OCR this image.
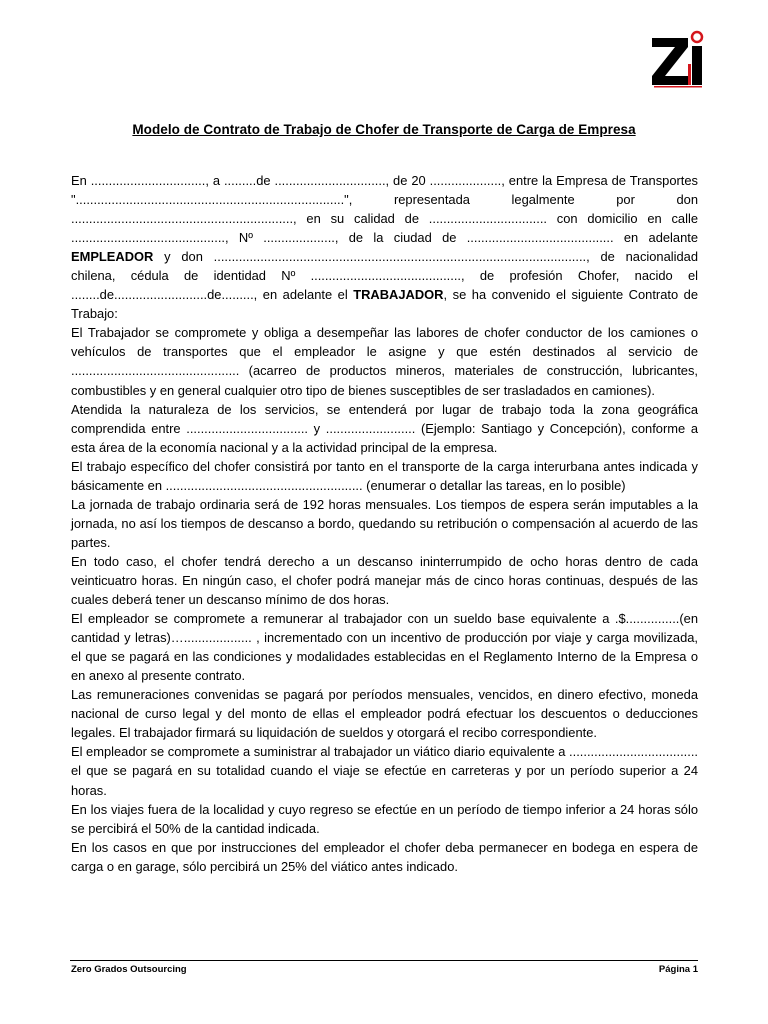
Modelo de Contrato de Trabajo de Chofer de Transporte de Carga de Empresa

En ................................, a .........de ..............................., de 20 ...................., entre la Empresa de Transportes "...........................................................................", representada legalmente por don .............................................................., en su calidad de ................................. con domicilio en calle ..........................................., Nº ...................., de la ciudad de ......................................... en adelante EMPLEADOR y don ........................................................................................................, de nacionalidad chilena, cédula de identidad Nº .........................................., de profesión Chofer, nacido el ........de..........................de........., en adelante el TRABAJADOR, se ha convenido el siguiente Contrato de Trabajo:

El Trabajador se compromete y obliga a desempeñar las labores de chofer conductor de los camiones o vehículos de transportes que el empleador le asigne y que estén destinados al servicio de ............................................... (acarreo de productos mineros, materiales de construcción, lubricantes, combustibles y en general cualquier otro tipo de bienes susceptibles de ser trasladados en camiones).

Atendida la naturaleza de los servicios, se entenderá por lugar de trabajo toda la zona geográfica comprendida entre .................................. y ......................... (Ejemplo: Santiago y Concepción), conforme a esta área de la economía nacional y a la actividad principal de la empresa.

El trabajo específico del chofer consistirá por tanto en el transporte de la carga interurbana antes indicada y básicamente en ....................................................... (enumerar o detallar las tareas, en lo posible)

La jornada de trabajo ordinaria será de 192 horas mensuales. Los tiempos de espera serán imputables a la jornada, no así los tiempos de descanso a bordo, quedando su retribución o compensación al acuerdo de las partes.

En todo caso, el chofer tendrá derecho a un descanso ininterrumpido de ocho horas dentro de cada veinticuatro horas. En ningún caso, el chofer podrá manejar más de cinco horas continuas, después de las cuales deberá tener un descanso mínimo de dos horas.

El empleador se compromete a remunerar al trabajador con un sueldo base equivalente a .$...............(en cantidad y letras)…................... , incrementado con un incentivo de producción por viaje y carga movilizada, el que se pagará en las condiciones y modalidades establecidas en el Reglamento Interno de la Empresa o en anexo al presente contrato.

Las remuneraciones convenidas se pagará por períodos mensuales, vencidos, en dinero efectivo, moneda nacional de curso legal y del monto de ellas el empleador podrá efectuar los descuentos o deducciones legales. El trabajador firmará su liquidación de sueldos y otorgará el recibo correspondiente.

El empleador se compromete a suministrar al trabajador un viático diario equivalente a .................................... el que se pagará en su totalidad cuando el viaje se efectúe en carreteras y por un período superior a 24 horas.

En los viajes fuera de la localidad y cuyo regreso se efectúe en un período de tiempo inferior a 24 horas sólo se percibirá el 50% de la cantidad indicada.

En los casos en que por instrucciones del empleador el chofer deba permanecer en bodega en espera de carga o en garage, sólo percibirá un 25% del viático antes indicado.

Zero Grados Outsourcing	Página 1
